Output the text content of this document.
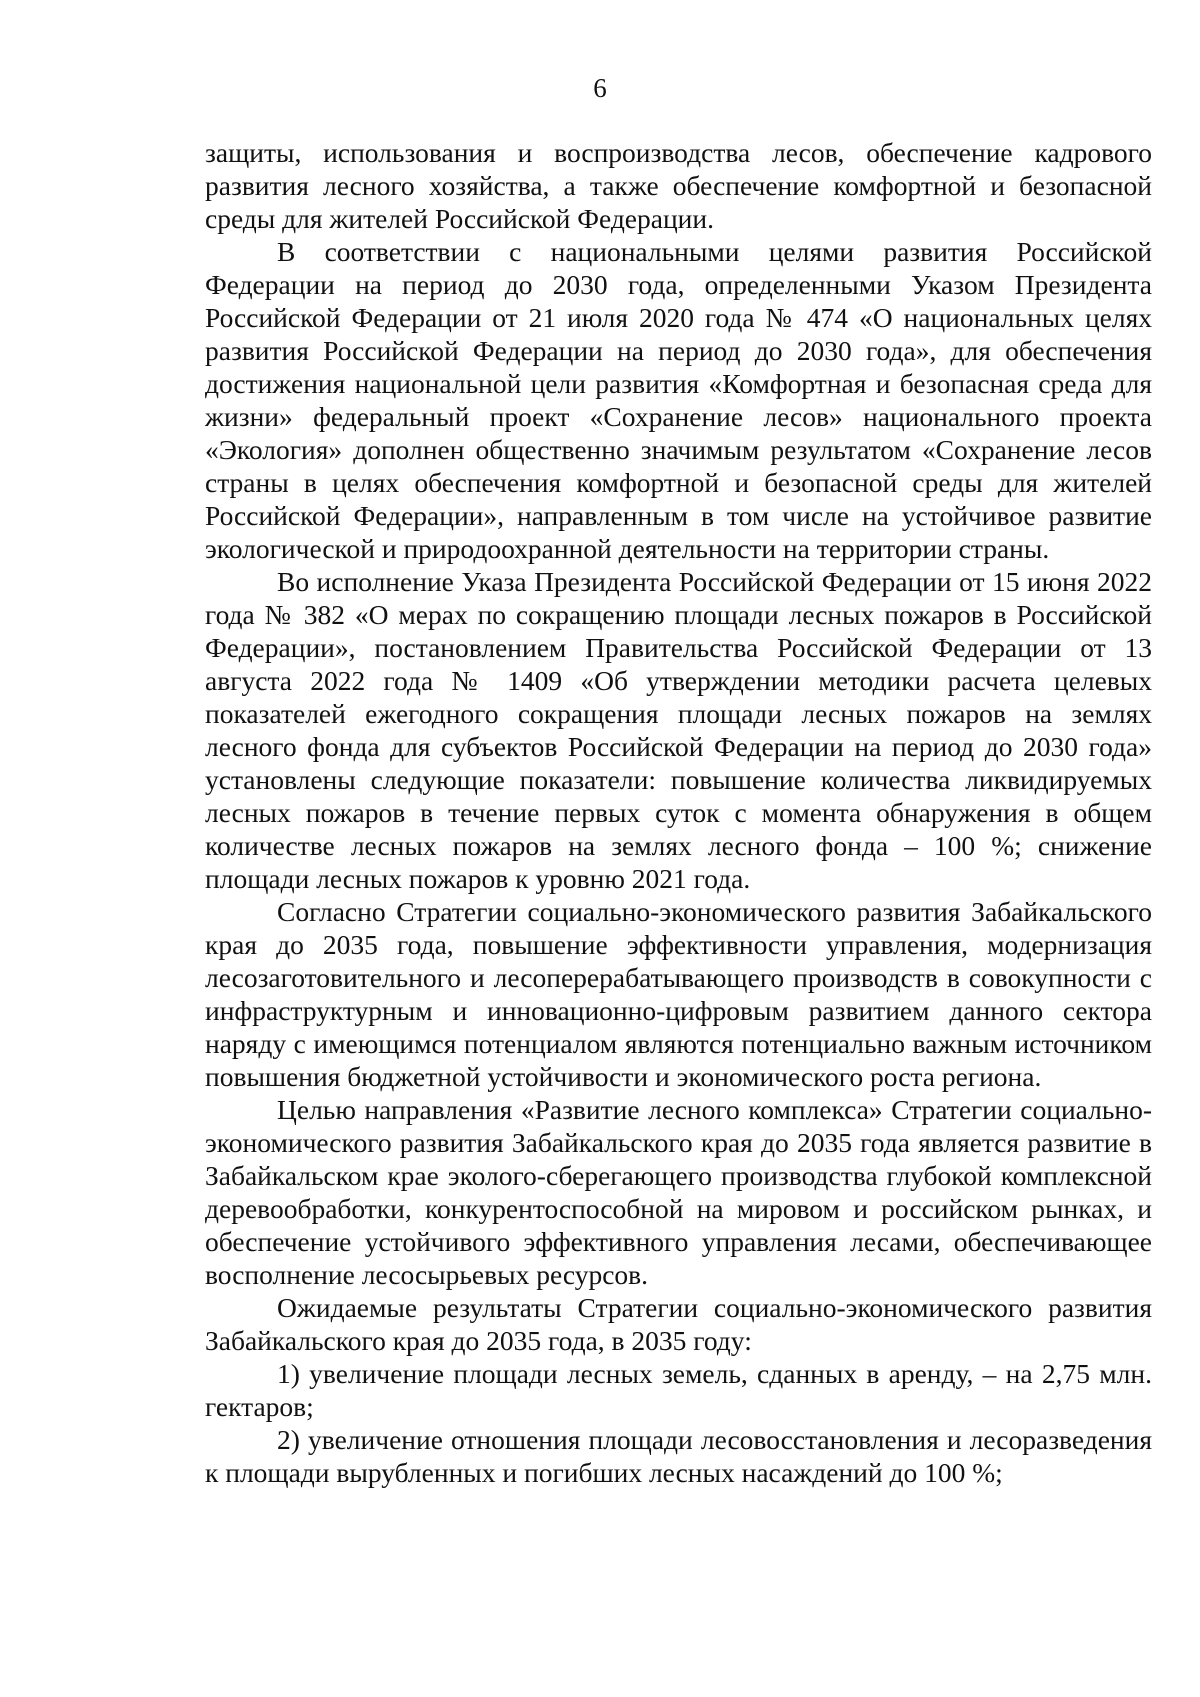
6

защиты, использования и воспроизводства лесов, обеспечение кадрового развития лесного хозяйства, а также обеспечение комфортной и безопасной среды для жителей Российской Федерации.

В соответствии с национальными целями развития Российской Федерации на период до 2030 года, определенными Указом Президента Российской Федерации от 21 июля 2020 года № 474 «О национальных целях развития Российской Федерации на период до 2030 года», для обеспечения достижения национальной цели развития «Комфортная и безопасная среда для жизни» федеральный проект «Сохранение лесов» национального проекта «Экология» дополнен общественно значимым результатом «Сохранение лесов страны в целях обеспечения комфортной и безопасной среды для жителей Российской Федерации», направленным в том числе на устойчивое развитие экологической и природоохранной деятельности на территории страны.

Во исполнение Указа Президента Российской Федерации от 15 июня 2022 года № 382 «О мерах по сокращению площади лесных пожаров в Российской Федерации», постановлением Правительства Российской Федерации от 13 августа 2022 года № 1409 «Об утверждении методики расчета целевых показателей ежегодного сокращения площади лесных пожаров на землях лесного фонда для субъектов Российской Федерации на период до 2030 года» установлены следующие показатели: повышение количества ликвидируемых лесных пожаров в течение первых суток с момента обнаружения в общем количестве лесных пожаров на землях лесного фонда – 100 %; снижение площади лесных пожаров к уровню 2021 года.

Согласно Стратегии социально-экономического развития Забайкальского края до 2035 года, повышение эффективности управления, модернизация лесозаготовительного и лесоперерабатывающего производств в совокупности с инфраструктурным и инновационно-цифровым развитием данного сектора наряду с имеющимся потенциалом являются потенциально важным источником повышения бюджетной устойчивости и экономического роста региона.

Целью направления «Развитие лесного комплекса» Стратегии социально-экономического развития Забайкальского края до 2035 года является развитие в Забайкальском крае эколого-сберегающего производства глубокой комплексной деревообработки, конкурентоспособной на мировом и российском рынках, и обеспечение устойчивого эффективного управления лесами, обеспечивающее восполнение лесосырьевых ресурсов.

Ожидаемые результаты Стратегии социально-экономического развития Забайкальского края до 2035 года, в 2035 году:

1) увеличение площади лесных земель, сданных в аренду, – на 2,75 млн. гектаров;

2) увеличение отношения площади лесовосстановления и лесоразведения к площади вырубленных и погибших лесных насаждений до 100 %;
